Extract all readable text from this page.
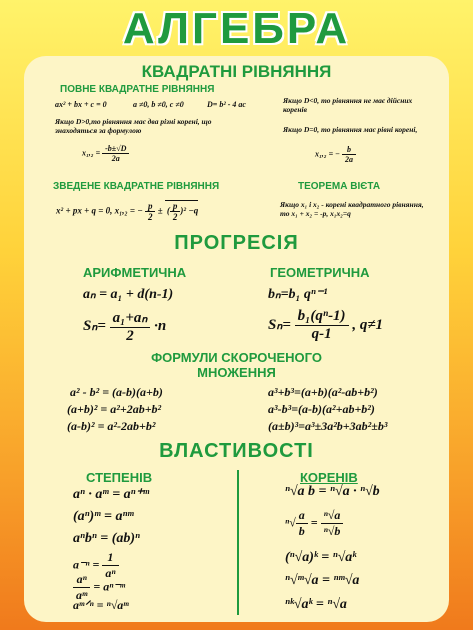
АЛГЕБРА
КВАДРАТНІ РІВНЯННЯ
ПОВНЕ КВАДРАТНЕ РІВНЯННЯ
ax² + bx + c = 0	a ≠0, b ≠0, c ≠0	D= b² - 4 ac
Якщо D>0,то рівняння має два різні корені, що знаходяться за формулою
$x_1,_2 = \frac{-b\pm√D}{2a}$
Якщо D<0, то рівняння не має дійсних коренів
Якщо D=0, то рівняння має рівні корені,
x₁,₂ = − $\frac{b}{2a}$
ЗВЕДЕНЕ КВАДРАТНЕ РІВНЯННЯ
x² + px + q = 0, x₁,₂ = − $\frac{p}{2}$ ± ( $\frac{p}{2} )^2 -q$
ТЕОРЕМА ВІЄТА
Якщо x₁ і x₂ - корені квадратного рівняння, то x₁ + x₂ = -p, x₁x₂=q
ПРОГРЕСІЯ
АРИФМЕТИЧНА	ГЕОМЕТРИЧНА
aₙ = a₁ + d(n-1)	bₙ=b₁ qⁿ⁻¹
$S_n= \frac{\text{a₁+aₙ}}{2} \cdot n$	$S_n= \frac{\text{b₁(qⁿ-1)}}{q-1}$ , q≠1
ФОРМУЛИ СКОРОЧЕНОГО
МНОЖЕННЯ
a² - b² = (a-b)(a+b)
(a+b)² = a²+2ab+b²
(a-b)² = a²-2ab+b²
a³+b³=(a+b)(a²-ab+b²)
a³-b³=(a-b)(a²+ab+b²)
(a±b)³=a³±3a²b+3ab²±b³
ВЛАСТИВОСТІ
СТЕПЕНІВ	КОРЕНІВ
aⁿ · aᵐ = aⁿ⁺ᵐ
(aⁿ)ᵐ = aⁿᵐ
aⁿbⁿ = (ab)ⁿ
$a^{-n} = \frac{1}{\text{aⁿ}}$
$\frac{\text{aⁿ}}{\text{aᵐ}}$ = aⁿ⁻ᵐ
aᵐᐟⁿ = ⁿ√aᵐ
ⁿ√a b = ⁿ√a · ⁿ√b
$^n√ \frac{a}{b} = \frac{\text{ⁿ√a}}{\text{ⁿ√b}}$
(ⁿ√a)ᵏ = ⁿ√aᵏ
ⁿ√ᵐ√a = ⁿᵐ√a
ⁿᵏ√aᵏ = ⁿ√a
